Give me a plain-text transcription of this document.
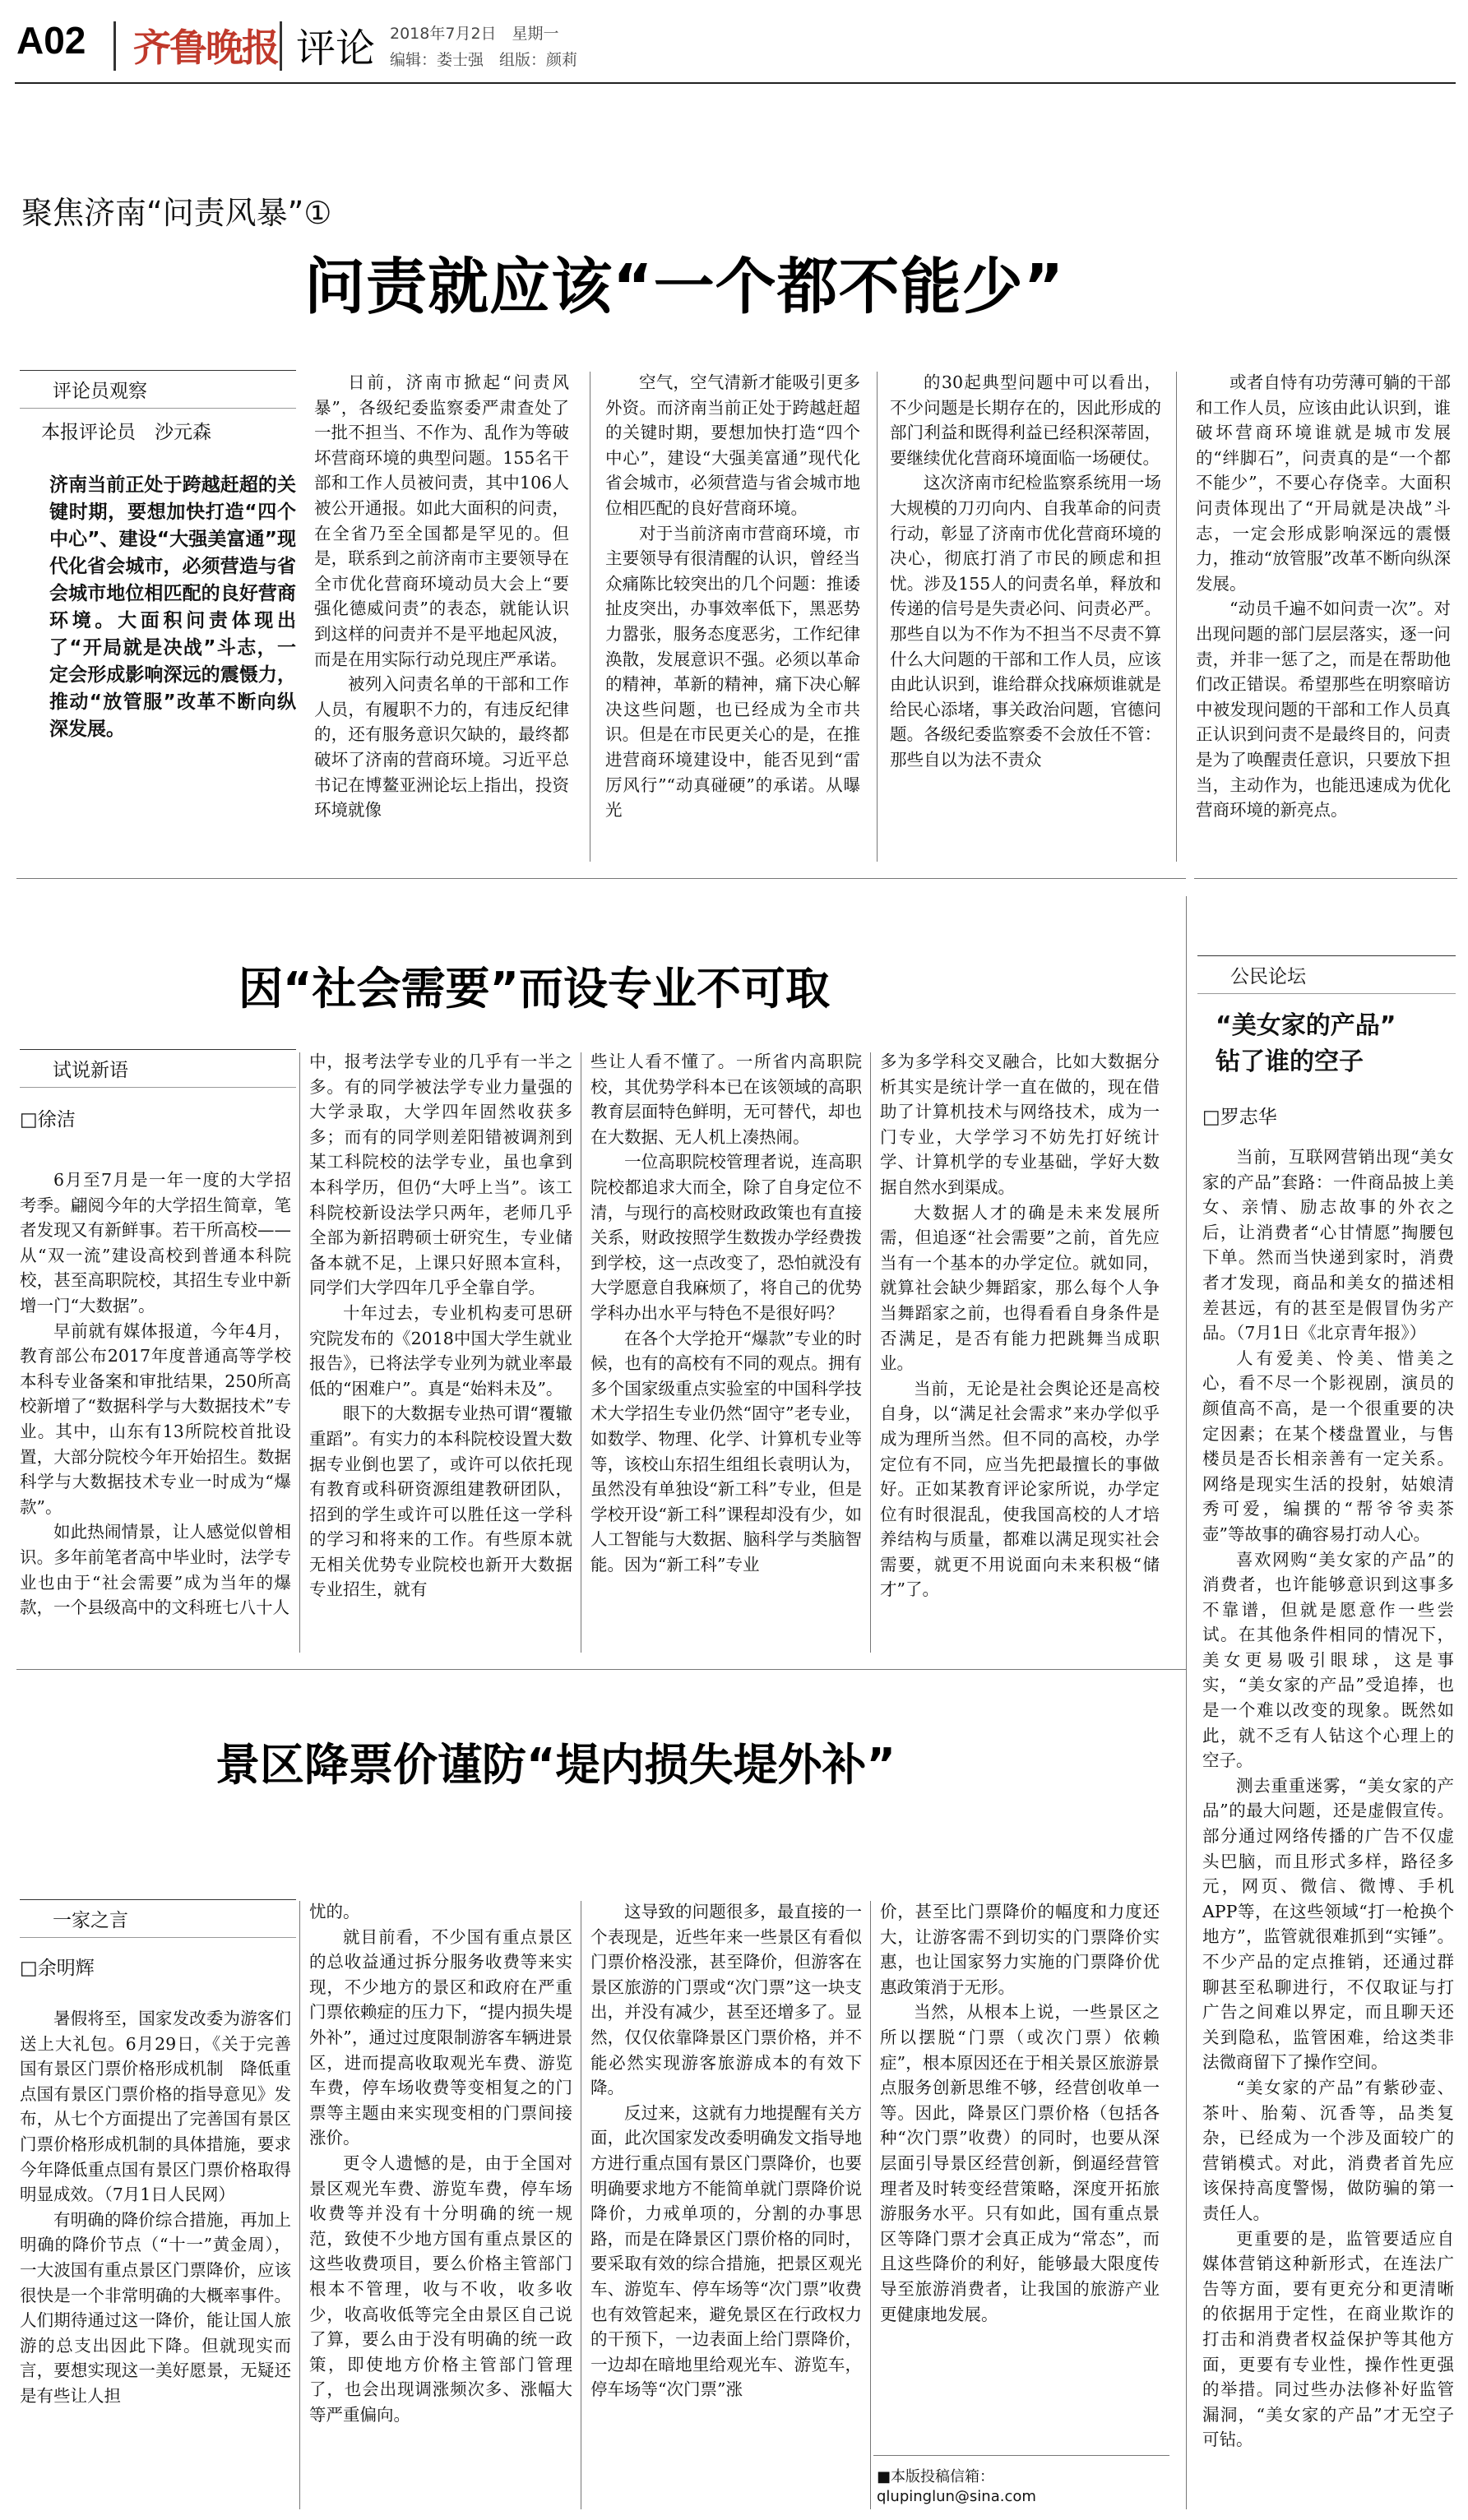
A02 齐鲁晚报 评论 2018年7月2日　 星期一
编辑：娄士强　 组版：颜莉
聚焦济南“问责风暴”①
问责就应该“一个都不能少”
评论员观察
本报评论员　沙元森
济南当前正处于跨越赶超的关键时期，要想加快打造“四个中心”、建设“大强美富通”现代化省会城市，必须营造与省会城市地位相匹配的良好营商环境。大面积问责体现出了“开局就是决战”斗志，一定会形成影响深远的震慑力，推动“放管服”改革不断向纵深发展。

日前，济南市掀起“问责风暴”，各级纪委监察委严肃查处了一批不担当、不作为、乱作为等破坏营商环境的典型问题。155名干部和工作人员被问责，其中106人被公开通报。如此大面积的问责，在全省乃至全国都是罕见的。但是，联系到之前济南市主要领导在全市优化营商环境动员大会上“要强化德威问责”的表态，就能认识到这样的问责并不是平地起风波，而是在用实际行动兑现庄严承诺。

被列入问责名单的干部和工作人员，有履职不力的，有违反纪律的，还有服务意识欠缺的，最终都破坏了济南的营商环境。习近平总书记在博鳌亚洲论坛上指出，投资环境就像

空气，空气清新才能吸引更多外资。而济南当前正处于跨越赶超的关键时期，要想加快打造“四个中心”，建设“大强美富通”现代化省会城市，必须营造与省会城市地位相匹配的良好营商环境。

对于当前济南市营商环境，市主要领导有很清醒的认识，曾经当众痛陈比较突出的几个问题：推诿扯皮突出，办事效率低下，黑恶势力嚣张，服务态度恶劣，工作纪律涣散，发展意识不强。必须以革命的精神，革新的精神，痛下决心解决这些问题，也已经成为全市共识。但是在市民更关心的是，在推进营商环境建设中，能否见到“雷厉风行”“动真碰硬”的承诺。从曝光

的30起典型问题中可以看出，不少问题是长期存在的，因此形成的部门利益和既得利益已经积深蒂固，要继续优化营商环境面临一场硬仗。

这次济南市纪检监察系统用一场大规模的刀刃向内、自我革命的问责行动，彰显了济南市优化营商环境的决心，彻底打消了市民的顾虑和担忧。涉及155人的问责名单，释放和传递的信号是失责必问、问责必严。那些自以为不作为不担当不尽责不算什么大问题的干部和工作人员，应该由此认识到，谁给群众找麻烦谁就是给民心添堵，事关政治问题，官德问题。各级纪委监察委不会放任不管：那些自以为法不责众

或者自恃有功劳薄可躺的干部和工作人员，应该由此认识到，谁破坏营商环境谁就是城市发展的“绊脚石”，问责真的是“一个都不能少”，不要心存侥幸。大面积问责体现出了“开局就是决战”斗志，一定会形成影响深远的震慑力，推动“放管服”改革不断向纵深发展。

“动员千遍不如问责一次”。对出现问题的部门层层落实，逐一问责，并非一惩了之，而是在帮助他们改正错误。希望那些在明察暗访中被发现问题的干部和工作人员真正认识到问责不是最终目的，问责是为了唤醒责任意识，只要放下担当，主动作为，也能迅速成为优化营商环境的新亮点。

因“社会需要”而设专业不可取
试说新语
□徐洁

6月至7月是一年一度的大学招考季。翩阅今年的大学招生简章，笔者发现又有新鲜事。若干所高校——从“双一流”建设高校到普通本科院校，甚至高职院校，其招生专业中新增一门“大数据”。

早前就有媒体报道，今年4月，教育部公布2017年度普通高等学校本科专业备案和审批结果，250所高校新增了“数据科学与大数据技术”专业。其中，山东有13所院校首批设置，大部分院校今年开始招生。数据科学与大数据技术专业一时成为“爆款”。

如此热闹情景，让人感觉似曾相识。多年前笔者高中毕业时，法学专业也由于“社会需要”成为当年的爆款，一个县级高中的文科班七八十人

中，报考法学专业的几乎有一半之多。有的同学被法学专业力量强的大学录取，大学四年固然收获多多；而有的同学则差阳错被调剂到某工科院校的法学专业，虽也拿到本科学历，但仍“大呼上当”。该工科院校新设法学只两年，老师几乎全部为新招聘硕士研究生，专业储备本就不足，上课只好照本宣科，同学们大学四年几乎全靠自学。

十年过去，专业机构麦可思研究院发布的《2018中国大学生就业报告》，已将法学专业列为就业率最低的“困难户”。真是“始料未及”。

眼下的大数据专业热可谓“覆辙重蹈”。有实力的本科院校设置大数据专业倒也罢了，或许可以依托现有教育或科研资源组建教研团队，招到的学生或许可以胜任这一学科的学习和将来的工作。有些原本就无相关优势专业院校也新开大数据专业招生，就有

些让人看不懂了。一所省内高职院校，其优势学科本已在该领域的高职教育层面特色鲜明，无可替代，却也在大数据、无人机上凑热闹。

一位高职院校管理者说，连高职院校都追求大而全，除了自身定位不清，与现行的高校财政政策也有直接关系，财政按照学生数拨办学经费拨到学校，这一点改变了，恐怕就没有大学愿意自我麻烦了，将自己的优势学科办出水平与特色不是很好吗？

在各个大学抢开“爆款”专业的时候，也有的高校有不同的观点。拥有多个国家级重点实验室的中国科学技术大学招生专业仍然“固守”老专业，如数学、物理、化学、计算机专业等等，该校山东招生组组长袁明认为，虽然没有单独设“新工科”专业，但是学校开设“新工科”课程却没有少，如人工智能与大数据、脑科学与类脑智能。因为“新工科”专业

多为多学科交叉融合，比如大数据分析其实是统计学一直在做的，现在借助了计算机技术与网络技术，成为一门专业，大学学习不妨先打好统计学、计算机学的专业基础，学好大数据自然水到渠成。

大数据人才的确是未来发展所需，但追逐“社会需要”之前，首先应当有一个基本的办学定位。就如同，就算社会缺少舞蹈家，那么每个人争当舞蹈家之前，也得看看自身条件是否满足，是否有能力把跳舞当成职业。

当前，无论是社会舆论还是高校自身，以“满足社会需求”来办学似乎成为理所当然。但不同的高校，办学定位有不同，应当先把最擅长的事做好。正如某教育评论家所说，办学定位有时很混乱，使我国高校的人才培养结构与质量，都难以满足现实社会需要，就更不用说面向未来积极“储才”了。

景区降票价谨防“堤内损失堤外补”
一家之言
□余明辉

暑假将至，国家发改委为游客们送上大礼包。6月29日，《关于完善国有景区门票价格形成机制　降低重点国有景区门票价格的指导意见》发布，从七个方面提出了完善国有景区门票价格形成机制的具体措施，要求今年降低重点国有景区门票价格取得明显成效。（7月1日人民网）

有明确的降价综合措施，再加上明确的降价节点（“十一”黄金周），一大波国有重点景区门票降价，应该很快是一个非常明确的大概率事件。人们期待通过这一降价，能让国人旅游的总支出因此下降。但就现实而言，要想实现这一美好愿景，无疑还是有些让人担

忧的。

就目前看，不少国有重点景区的总收益通过拆分服务收费等来实现，不少地方的景区和政府在严重门票依赖症的压力下，“提内损失堤外补”，通过过度限制游客车辆进景区，进而提高收取观光车费、游览车费，停车场收费等变相复之的门票等主题由来实现变相的门票间接涨价。

更令人遗憾的是，由于全国对景区观光车费、游览车费，停车场收费等并没有十分明确的统一规范，致使不少地方国有重点景区的这些收费项目，要么价格主管部门根本不管理，收与不收，收多收少，收高收低等完全由景区自己说了算，要么由于没有明确的统一政策，即使地方价格主管部门管理了，也会出现调涨频次多、涨幅大等严重偏向。

这导致的问题很多，最直接的一个表现是，近些年来一些景区有看似门票价格没涨，甚至降价，但游客在景区旅游的门票或“次门票”这一块支出，并没有减少，甚至还增多了。显然，仅仅依靠降景区门票价格，并不能必然实现游客旅游成本的有效下降。

反过来，这就有力地提醒有关方面，此次国家发改委明确发文指导地方进行重点国有景区门票降价，也要明确要求地方不能简单就门票降价说降价，力戒单项的，分割的办事思路，而是在降景区门票价格的同时，要采取有效的综合措施，把景区观光车、游览车、停车场等“次门票”收费也有效管起来，避免景区在行政权力的干预下，一边表面上给门票降价，一边却在暗地里给观光车、游览车，停车场等“次门票”涨

价，甚至比门票降价的幅度和力度还大，让游客需不到切实的门票降价实惠，也让国家努力实施的门票降价优惠政策消于无形。

当然，从根本上说，一些景区之所以摆脱“门票（或次门票）依赖症”，根本原因还在于相关景区旅游景点服务创新思维不够，经营创收单一等。因此，降景区门票价格（包括各种“次门票”收费）的同时，也要从深层面引导景区经营创新，倒逼经营管理者及时转变经营策略，深度开拓旅游服务水平。只有如此，国有重点景区等降门票才会真正成为“常态”，而且这些降价的利好，能够最大限度传导至旅游消费者，让我国的旅游产业更健康地发展。

■本版投稿信箱：
qlupinglun@sina.com
公民论坛
“美女家的产品”
钻了谁的空子
□罗志华

当前，互联网营销出现“美女家的产品”套路：一件商品披上美女、亲情、励志故事的外衣之后，让消费者“心甘情愿”掏腰包下单。然而当快递到家时，消费者才发现，商品和美女的描述相差甚远，有的甚至是假冒伪劣产品。（7月1日《北京青年报》）

人有爱美、怜美、惜美之心，看不尽一个影视剧，演员的颜值高不高，是一个很重要的决定因素；在某个楼盘置业，与售楼员是否长相亲善有一定关系。网络是现实生活的投射，姑娘清秀可爱，编撰的“帮爷爷卖茶壶”等故事的确容易打动人心。

喜欢网购“美女家的产品”的消费者，也许能够意识到这事多不靠谱，但就是愿意作一些尝试。在其他条件相同的情况下，美女更易吸引眼球，这是事实，“美女家的产品”受追捧，也是一个难以改变的现象。既然如此，就不乏有人钻这个心理上的空子。

测去重重迷雾，“美女家的产品”的最大问题，还是虚假宣传。部分通过网络传播的广告不仅虚头巴脑，而且形式多样，路径多元，网页、微信、微博、手机APP等，在这些领域“打一枪换个地方”，监管就很难抓到“实锤”。不少产品的定点推销，还通过群聊甚至私聊进行，不仅取证与打广告之间难以界定，而且聊天还关到隐私，监管困难，给这类非法微商留下了操作空间。

“美女家的产品”有紫砂壶、茶叶、胎菊、沉香等，品类复杂，已经成为一个涉及面较广的营销模式。对此，消费者首先应该保持高度警惕，做防骗的第一责任人。

更重要的是，监管要适应自媒体营销这种新形式，在连法广告等方面，要有更充分和更清晰的依据用于定性，在商业欺诈的打击和消费者权益保护等其他方面，更要有专业性，操作性更强的举措。同过些办法修补好监管漏洞，“美女家的产品”才无空子可钻。
